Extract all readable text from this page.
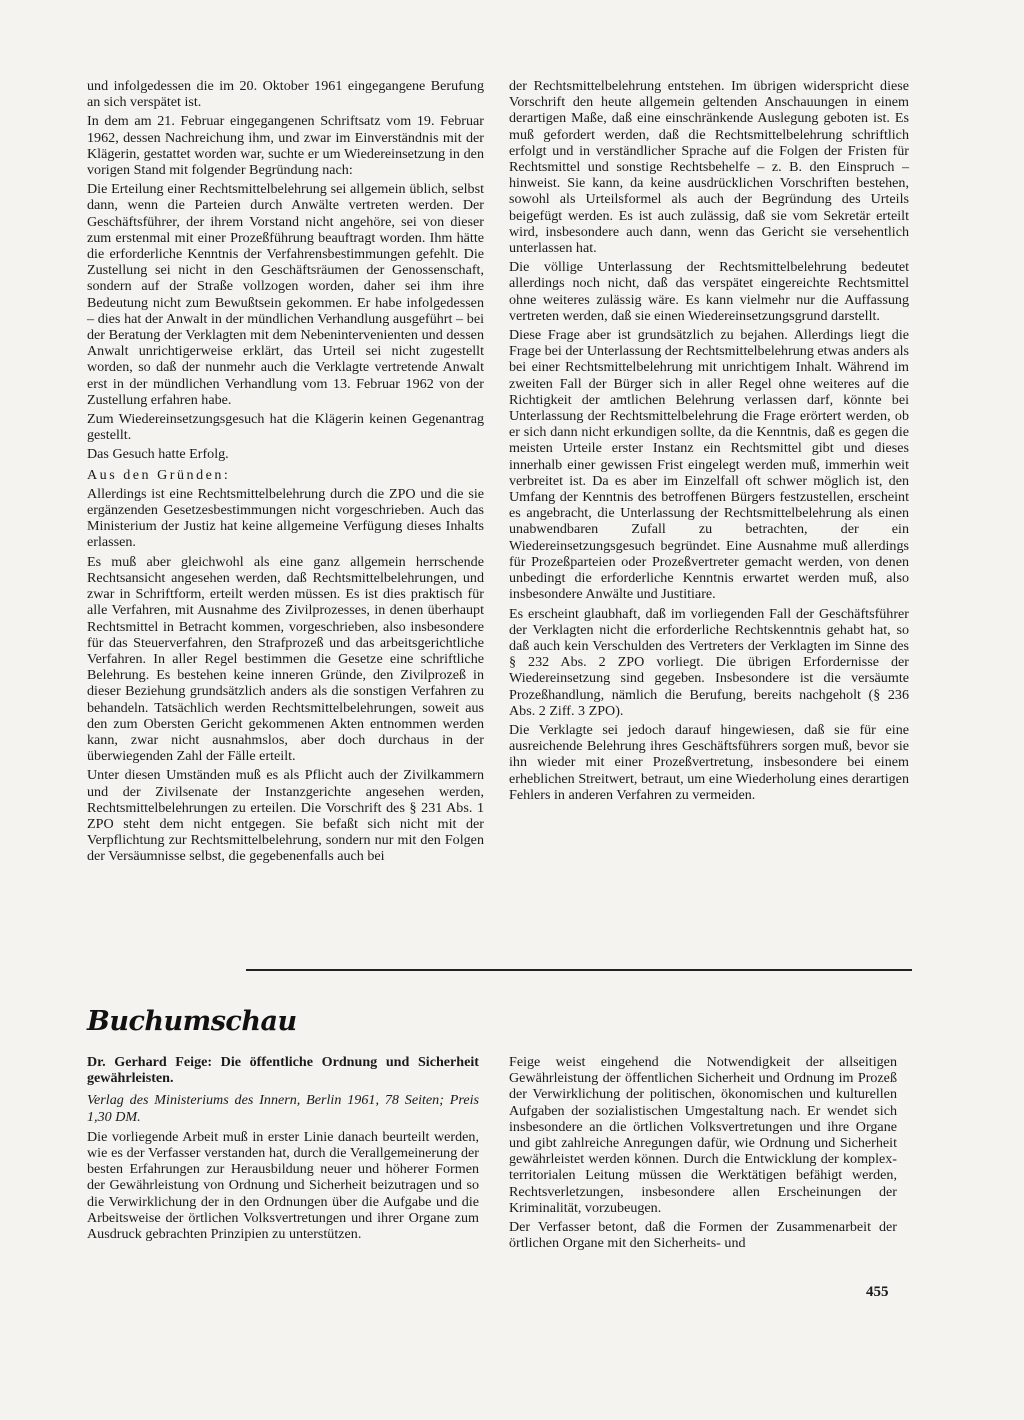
und infolgedessen die im 20. Oktober 1961 eingegangene Berufung an sich verspätet ist.

In dem am 21. Februar eingegangenen Schriftsatz vom 19. Februar 1962, dessen Nachreichung ihm, und zwar im Einverständnis mit der Klägerin, gestattet worden war, suchte er um Wiedereinsetzung in den vorigen Stand mit folgender Begründung nach:

Die Erteilung einer Rechtsmittelbelehrung sei allgemein üblich, selbst dann, wenn die Parteien durch Anwälte vertreten werden. Der Geschäftsführer, der ihrem Vorstand nicht angehöre, sei von dieser zum erstenmal mit einer Prozeßführung beauftragt worden. Ihm hätte die erforderliche Kenntnis der Verfahrensbestimmungen gefehlt. Die Zustellung sei nicht in den Geschäftsräumen der Genossenschaft, sondern auf der Straße vollzogen worden, daher sei ihm ihre Bedeutung nicht zum Bewußtsein gekommen. Er habe infolgedessen – dies hat der Anwalt in der mündlichen Verhandlung ausgeführt – bei der Beratung der Verklagten mit dem Nebenintervenienten und dessen Anwalt unrichtigerweise erklärt, das Urteil sei nicht zugestellt worden, so daß der nunmehr auch die Verklagte vertretende Anwalt erst in der mündlichen Verhandlung vom 13. Februar 1962 von der Zustellung erfahren habe.

Zum Wiedereinsetzungsgesuch hat die Klägerin keinen Gegenantrag gestellt.

Das Gesuch hatte Erfolg.

Aus den Gründen:

Allerdings ist eine Rechtsmittelbelehrung durch die ZPO und die sie ergänzenden Gesetzesbestimmungen nicht vorgeschrieben. Auch das Ministerium der Justiz hat keine allgemeine Verfügung dieses Inhalts erlassen.

Es muß aber gleichwohl als eine ganz allgemein herrschende Rechtsansicht angesehen werden, daß Rechtsmittelbelehrungen, und zwar in Schriftform, erteilt werden müssen. Es ist dies praktisch für alle Verfahren, mit Ausnahme des Zivilprozesses, in denen überhaupt Rechtsmittel in Betracht kommen, vorgeschrieben, also insbesondere für das Steuerverfahren, den Strafprozeß und das arbeitsgerichtliche Verfahren. In aller Regel bestimmen die Gesetze eine schriftliche Belehrung. Es bestehen keine inneren Gründe, den Zivilprozeß in dieser Beziehung grundsätzlich anders als die sonstigen Verfahren zu behandeln. Tatsächlich werden Rechtsmittelbelehrungen, soweit aus den zum Obersten Gericht gekommenen Akten entnommen werden kann, zwar nicht ausnahmslos, aber doch durchaus in der überwiegenden Zahl der Fälle erteilt.

Unter diesen Umständen muß es als Pflicht auch der Zivilkammern und der Zivilsenate der Instanzgerichte angesehen werden, Rechtsmittelbelehrungen zu erteilen. Die Vorschrift des § 231 Abs. 1 ZPO steht dem nicht entgegen. Sie befaßt sich nicht mit der Verpflichtung zur Rechtsmittelbelehrung, sondern nur mit den Folgen der Versäumnisse selbst, die gegebenenfalls auch bei

der Rechtsmittelbelehrung entstehen. Im übrigen widerspricht diese Vorschrift den heute allgemein geltenden Anschauungen in einem derartigen Maße, daß eine einschränkende Auslegung geboten ist. Es muß gefordert werden, daß die Rechtsmittelbelehrung schriftlich erfolgt und in verständlicher Sprache auf die Folgen der Fristen für Rechtsmittel und sonstige Rechtsbehelfe – z. B. den Einspruch – hinweist. Sie kann, da keine ausdrücklichen Vorschriften bestehen, sowohl als Urteilsformel als auch der Begründung des Urteils beigefügt werden. Es ist auch zulässig, daß sie vom Sekretär erteilt wird, insbesondere auch dann, wenn das Gericht sie versehentlich unterlassen hat.

Die völlige Unterlassung der Rechtsmittelbelehrung bedeutet allerdings noch nicht, daß das verspätet eingereichte Rechtsmittel ohne weiteres zulässig wäre. Es kann vielmehr nur die Auffassung vertreten werden, daß sie einen Wiedereinsetzungsgrund darstellt.

Diese Frage aber ist grundsätzlich zu bejahen. Allerdings liegt die Frage bei der Unterlassung der Rechtsmittelbelehrung etwas anders als bei einer Rechtsmittelbelehrung mit unrichtigem Inhalt. Während im zweiten Fall der Bürger sich in aller Regel ohne weiteres auf die Richtigkeit der amtlichen Belehrung verlassen darf, könnte bei Unterlassung der Rechtsmittelbelehrung die Frage erörtert werden, ob er sich dann nicht erkundigen sollte, da die Kenntnis, daß es gegen die meisten Urteile erster Instanz ein Rechtsmittel gibt und dieses innerhalb einer gewissen Frist eingelegt werden muß, immerhin weit verbreitet ist. Da es aber im Einzelfall oft schwer möglich ist, den Umfang der Kenntnis des betroffenen Bürgers festzustellen, erscheint es angebracht, die Unterlassung der Rechtsmittelbelehrung als einen unabwendbaren Zufall zu betrachten, der ein Wiedereinsetzungsgesuch begründet. Eine Ausnahme muß allerdings für Prozeßparteien oder Prozeßvertreter gemacht werden, von denen unbedingt die erforderliche Kenntnis erwartet werden muß, also insbesondere Anwälte und Justitiare.

Es erscheint glaubhaft, daß im vorliegenden Fall der Geschäftsführer der Verklagten nicht die erforderliche Rechtskenntnis gehabt hat, so daß auch kein Verschulden des Vertreters der Verklagten im Sinne des § 232 Abs. 2 ZPO vorliegt. Die übrigen Erfordernisse der Wiedereinsetzung sind gegeben. Insbesondere ist die versäumte Prozeßhandlung, nämlich die Berufung, bereits nachgeholt (§ 236 Abs. 2 Ziff. 3 ZPO).

Die Verklagte sei jedoch darauf hingewiesen, daß sie für eine ausreichende Belehrung ihres Geschäftsführers sorgen muß, bevor sie ihn wieder mit einer Prozeßvertretung, insbesondere bei einem erheblichen Streitwert, betraut, um eine Wiederholung eines derartigen Fehlers in anderen Verfahren zu vermeiden.

Buchumschau

Dr. Gerhard Feige: Die öffentliche Ordnung und Sicherheit gewährleisten.

Verlag des Ministeriums des Innern, Berlin 1961, 78 Seiten; Preis 1,30 DM.

Die vorliegende Arbeit muß in erster Linie danach beurteilt werden, wie es der Verfasser verstanden hat, durch die Verallgemeinerung der besten Erfahrungen zur Herausbildung neuer und höherer Formen der Gewährleistung von Ordnung und Sicherheit beizutragen und so die Verwirklichung der in den Ordnungen über die Aufgabe und die Arbeitsweise der örtlichen Volksvertretungen und ihrer Organe zum Ausdruck gebrachten Prinzipien zu unterstützen.

Feige weist eingehend die Notwendigkeit der allseitigen Gewährleistung der öffentlichen Sicherheit und Ordnung im Prozeß der Verwirklichung der politischen, ökonomischen und kulturellen Aufgaben der sozialistischen Umgestaltung nach. Er wendet sich insbesondere an die örtlichen Volksvertretungen und ihre Organe und gibt zahlreiche Anregungen dafür, wie Ordnung und Sicherheit gewährleistet werden können. Durch die Entwicklung der komplex-territorialen Leitung müssen die Werktätigen befähigt werden, Rechtsverletzungen, insbesondere allen Erscheinungen der Kriminalität, vorzubeugen.

Der Verfasser betont, daß die Formen der Zusammenarbeit der örtlichen Organe mit den Sicherheits- und

455
